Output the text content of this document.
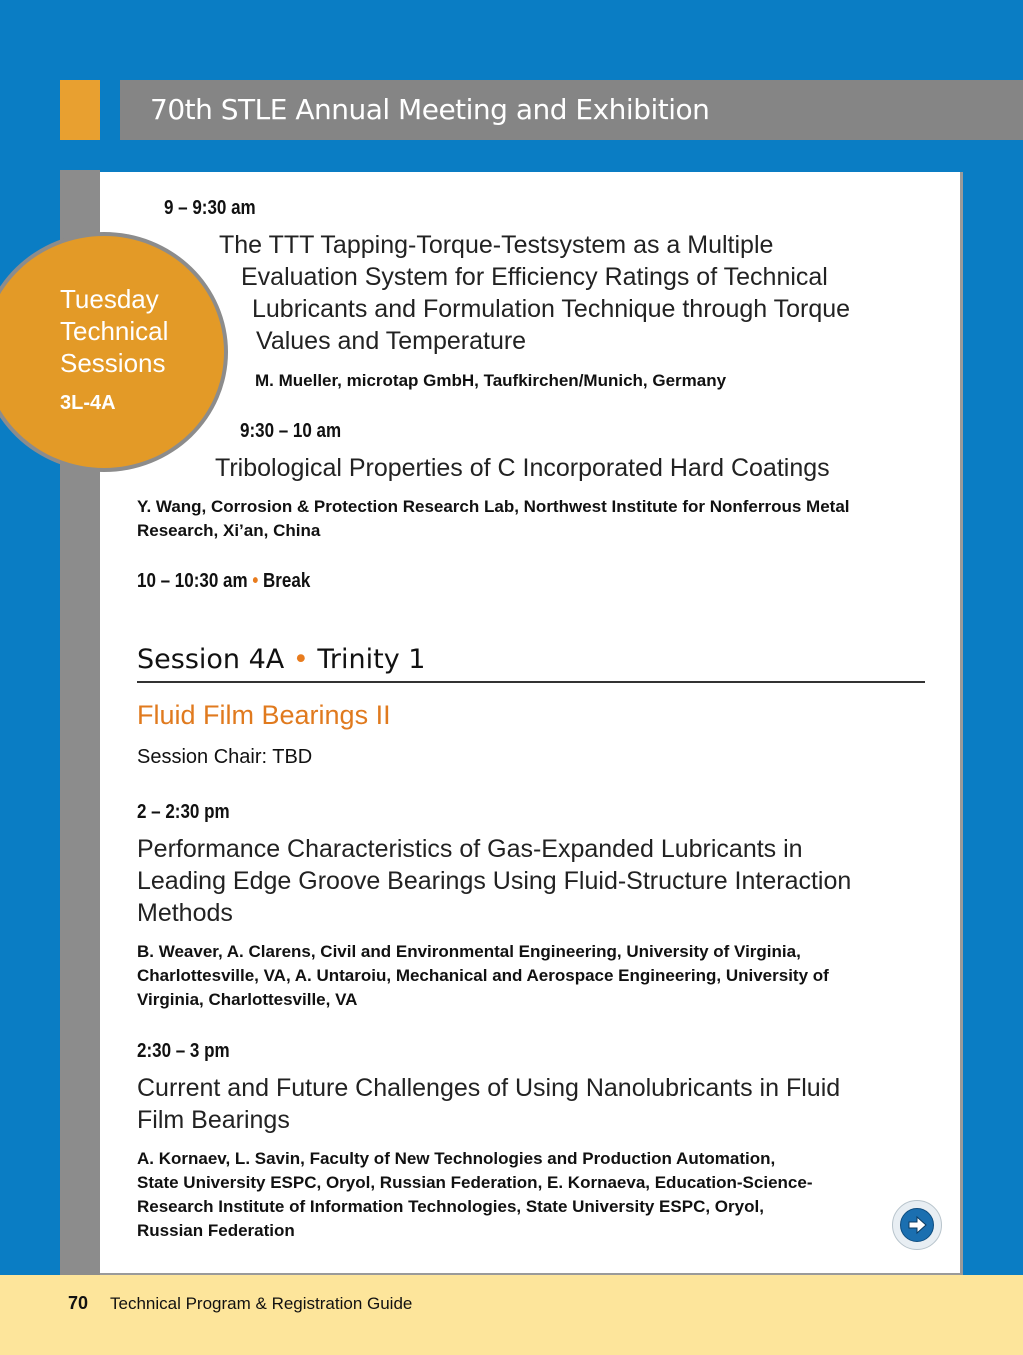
70th STLE Annual Meeting and Exhibition
Tuesday
Technical
Sessions
3L-4A
9 – 9:30 am
The TTT Tapping-Torque-Testsystem as a Multiple
Evaluation System for Efficiency Ratings of Technical
Lubricants and Formulation Technique through Torque
Values and Temperature
M. Mueller, microtap GmbH, Taufkirchen/Munich, Germany
9:30 – 10 am
Tribological Properties of C Incorporated Hard Coatings
Y. Wang, Corrosion & Protection Research Lab, Northwest Institute for Nonferrous Metal
Research, Xi’an, China
10 – 10:30 am • Break
Session 4A • Trinity 1
Fluid Film Bearings II
Session Chair: TBD
2 – 2:30 pm
Performance Characteristics of Gas-Expanded Lubricants in
Leading Edge Groove Bearings Using Fluid-Structure Interaction
Methods
B. Weaver, A. Clarens, Civil and Environmental Engineering, University of Virginia,
Charlottesville, VA, A. Untaroiu, Mechanical and Aerospace Engineering, University of
Virginia, Charlottesville, VA
2:30 – 3 pm
Current and Future Challenges of Using Nanolubricants in Fluid
Film Bearings
A. Kornaev, L. Savin, Faculty of New Technologies and Production Automation,
State University ESPC, Oryol, Russian Federation, E. Kornaeva, Education-Science-
Research Institute of Information Technologies, State University ESPC, Oryol,
Russian Federation
70 Technical Program & Registration Guide
